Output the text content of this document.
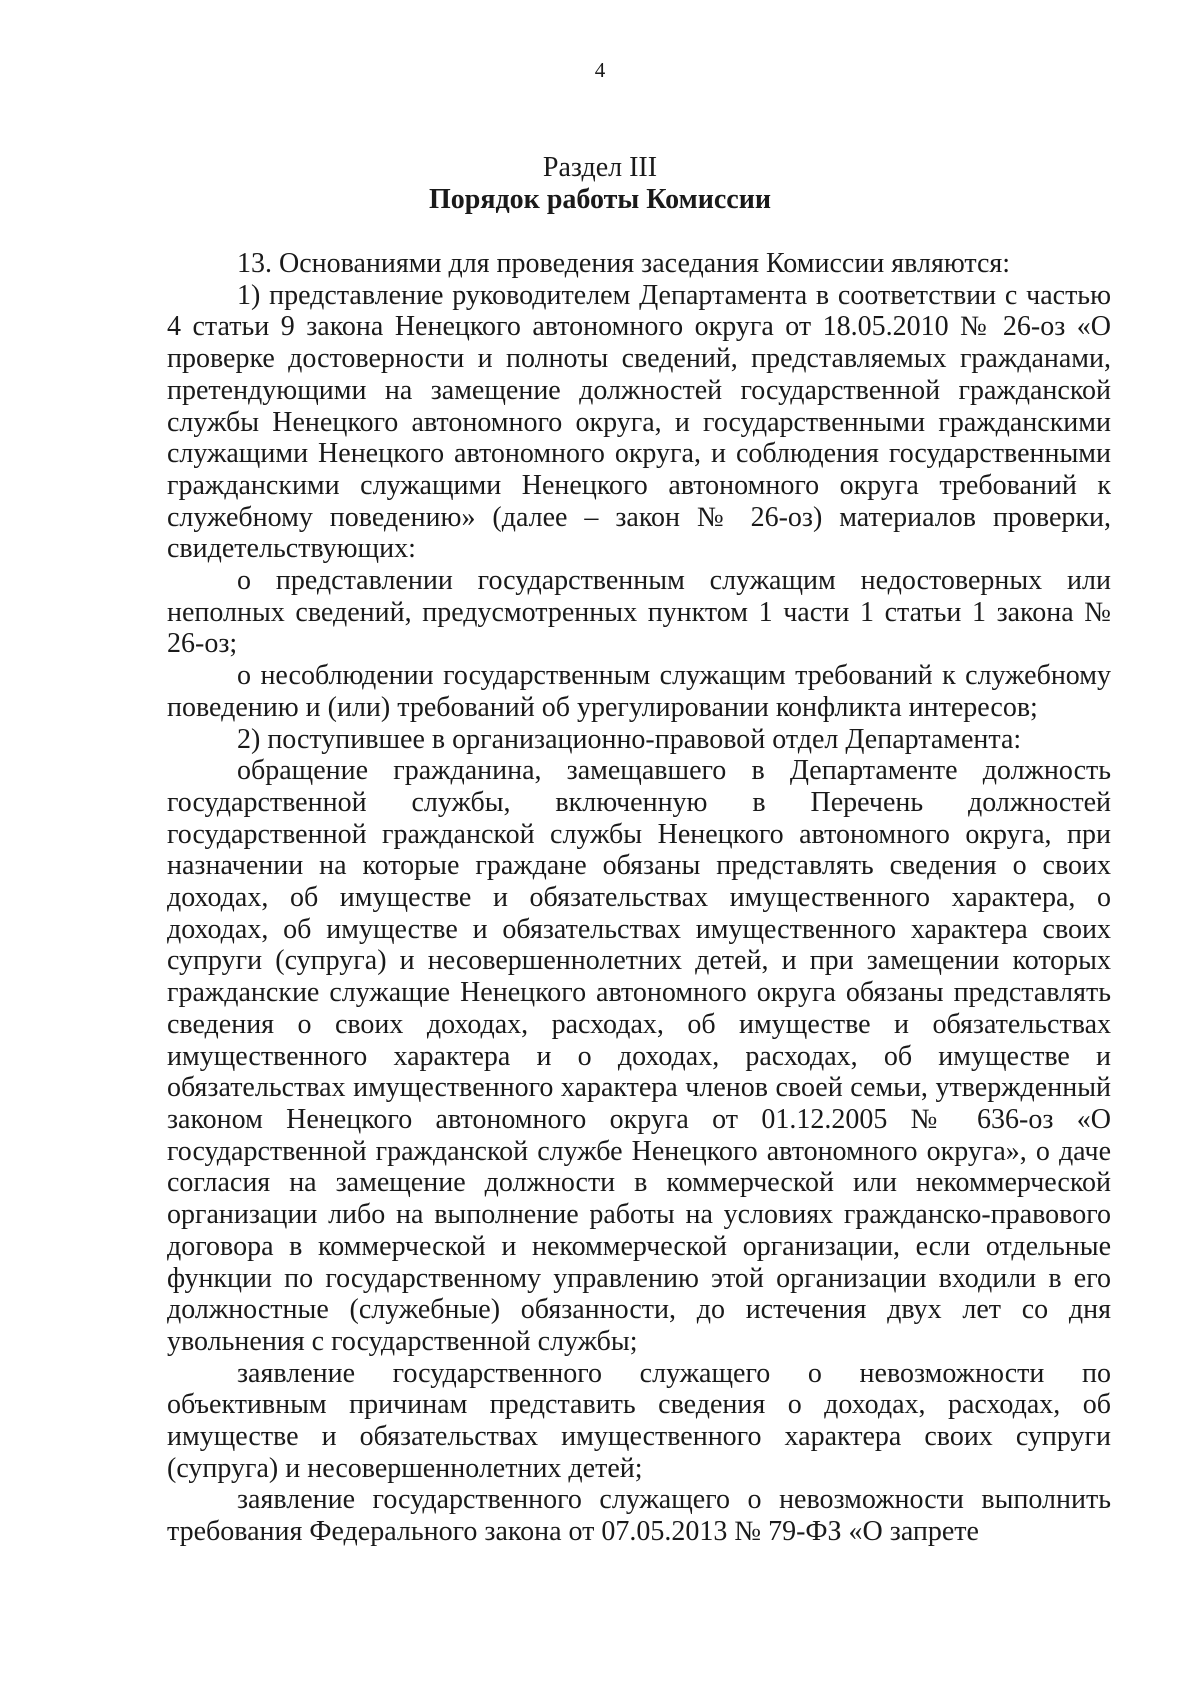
4
Раздел III
Порядок работы Комиссии

13. Основаниями для проведения заседания Комиссии являются:

1) представление руководителем Департамента в соответствии с частью 4 статьи 9 закона Ненецкого автономного округа от 18.05.2010 № 26-оз «О проверке достоверности и полноты сведений, представляемых гражданами, претендующими на замещение должностей государственной гражданской службы Ненецкого автономного округа, и государственными гражданскими служащими Ненецкого автономного округа, и соблюдения государственными гражданскими служащими Ненецкого автономного округа требований к служебному поведению» (далее – закон № 26-оз) материалов проверки, свидетельствующих:

о представлении государственным служащим недостоверных или неполных сведений, предусмотренных пунктом 1 части 1 статьи 1 закона № 26-оз;

о несоблюдении государственным служащим требований к служебному поведению и (или) требований об урегулировании конфликта интересов;

2) поступившее в организационно-правовой отдел Департамента:

обращение гражданина, замещавшего в Департаменте должность государственной службы, включенную в Перечень должностей государственной гражданской службы Ненецкого автономного округа, при назначении на которые граждане обязаны представлять сведения о своих доходах, об имуществе и обязательствах имущественного характера, о доходах, об имуществе и обязательствах имущественного характера своих супруги (супруга) и несовершеннолетних детей, и при замещении которых гражданские служащие Ненецкого автономного округа обязаны представлять сведения о своих доходах, расходах, об имуществе и обязательствах имущественного характера и о доходах, расходах, об имуществе и обязательствах имущественного характера членов своей семьи, утвержденный законом Ненецкого автономного округа от 01.12.2005 № 636-оз «О государственной гражданской службе Ненецкого автономного округа», о даче согласия на замещение должности в коммерческой или некоммерческой организации либо на выполнение работы на условиях гражданско-правового договора в коммерческой и некоммерческой организации, если отдельные функции по государственному управлению этой организации входили в его должностные (служебные) обязанности, до истечения двух лет со дня увольнения с государственной службы;

заявление государственного служащего о невозможности по объективным причинам представить сведения о доходах, расходах, об имуществе и обязательствах имущественного характера своих супруги (супруга) и несовершеннолетних детей;

заявление государственного служащего о невозможности выполнить требования Федерального закона от 07.05.2013 № 79-ФЗ «О запрете
